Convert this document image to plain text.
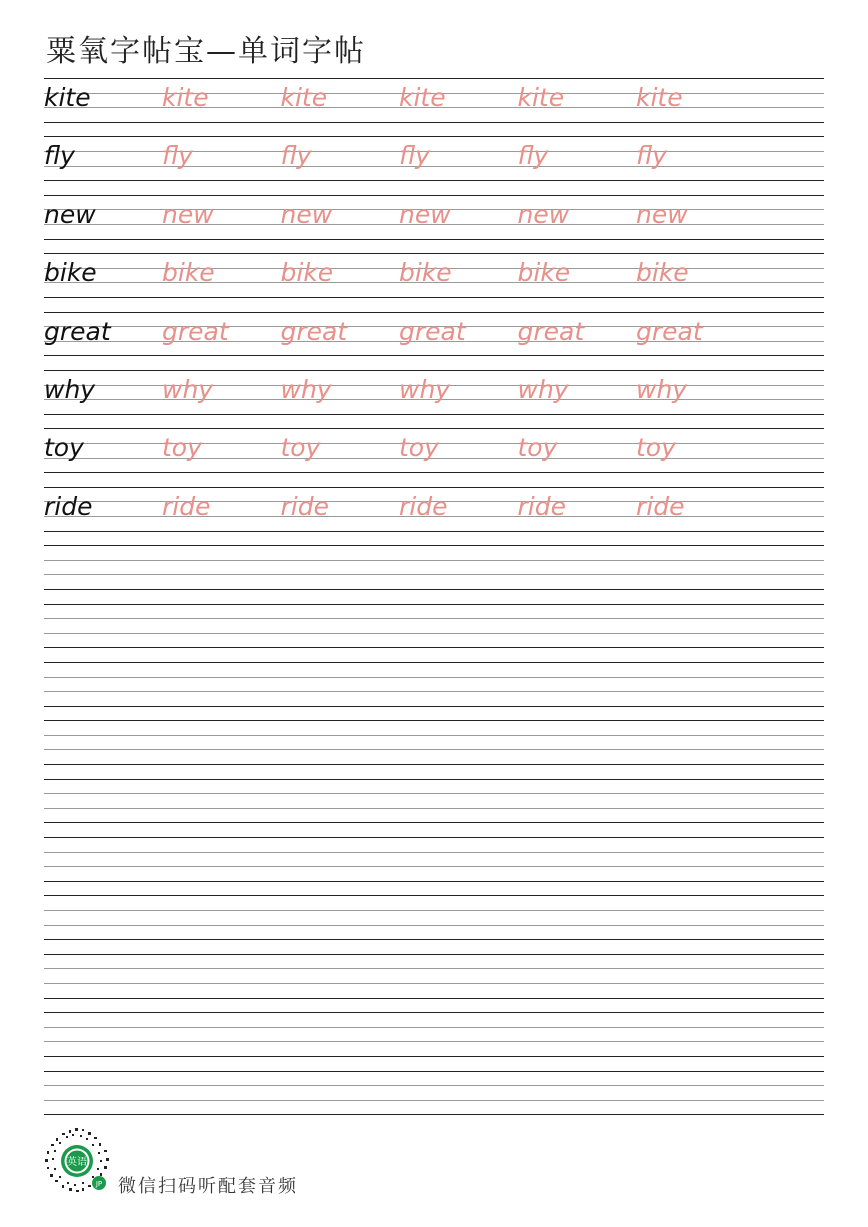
粟氧字帖宝—单词字帖
kite	kite	kite	kite	kite	kite
fly	fly	fly	fly	fly	fly
new	new	new	new	new	new
bike	bike	bike	bike	bike	bike
great great great great great great
why	why	why	why	why	why
toy	toy	toy	toy	toy	toy
ride	ride	ride	ride	ride	ride
英语
JP 微信扫码听配套音频
